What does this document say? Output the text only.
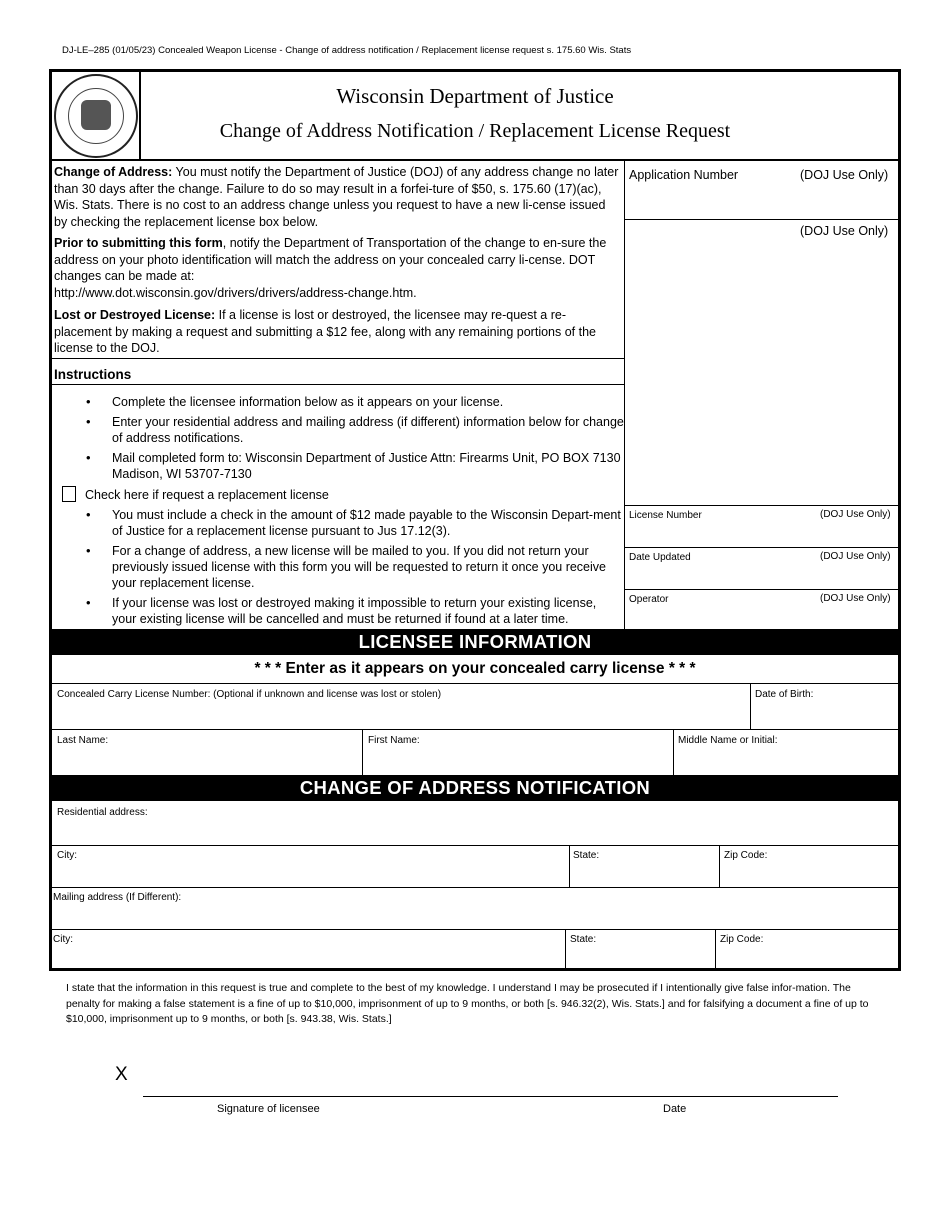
DJ-LE–285 (01/05/23) Concealed Weapon License - Change of address notification / Replacement license request s. 175.60 Wis. Stats
Wisconsin Department of Justice
Change of Address Notification / Replacement License Request
Change of Address: You must notify the Department of Justice (DOJ) of any address change no later than 30 days after the change. Failure to do so may result in a forfei-ture of $50, s. 175.60 (17)(ac), Wis. Stats. There is no cost to an address change unless you request to have a new li-cense issued by checking the replacement license box below.
Prior to submitting this form, notify the Department of Transportation of the change to en-sure the address on your photo identification will match the address on your concealed carry li-cense. DOT changes can be made at:
http://www.dot.wisconsin.gov/drivers/drivers/address-change.htm.
Lost or Destroyed License: If a license is lost or destroyed, the licensee may re-quest a re-placement by making a request and submitting a $12 fee, along with any remaining portions of the license to the DOJ.
Instructions
• Complete the licensee information below as it appears on your license.
• Enter your residential address and mailing address (if different) information below for change of address notifications.
• Mail completed form to: Wisconsin Department of Justice Attn: Firearms Unit, PO BOX 7130 Madison, WI 53707-7130
Check here if request a replacement license
• You must include a check in the amount of $12 made payable to the Wisconsin Depart-ment of Justice for a replacement license pursuant to Jus 17.12(3).
• For a change of address, a new license will be mailed to you. If you did not return your previously issued license with this form you will be requested to return it once you receive your replacement license.
• If your license was lost or destroyed making it impossible to return your existing license, your existing license will be cancelled and must be returned if found at a later time.
Application Number	(DOJ Use Only)
(DOJ Use Only)
License Number	(DOJ Use Only)
Date Updated	(DOJ Use Only)
Operator	(DOJ Use Only)
LICENSEE INFORMATION
* * * Enter as it appears on your concealed carry license * * *
Concealed Carry License Number: (Optional if unknown and license was lost or stolen)	Date of Birth:
Last Name:	First Name:	Middle Name or Initial:
CHANGE OF ADDRESS NOTIFICATION
Residential address:
City:	State:	Zip Code:
Mailing address (If Different):
City:	State:	Zip Code:
I state that the information in this request is true and complete to the best of my knowledge. I understand I may be prosecuted if I intentionally give false infor-mation. The penalty for making a false statement is a fine of up to $10,000, imprisonment of up to 9 months, or both [s. 946.32(2), Wis. Stats.] and for falsifying a document a fine of up to $10,000, imprisonment up to 9 months, or both [s. 943.38, Wis. Stats.]
X
Signature of licensee	Date
